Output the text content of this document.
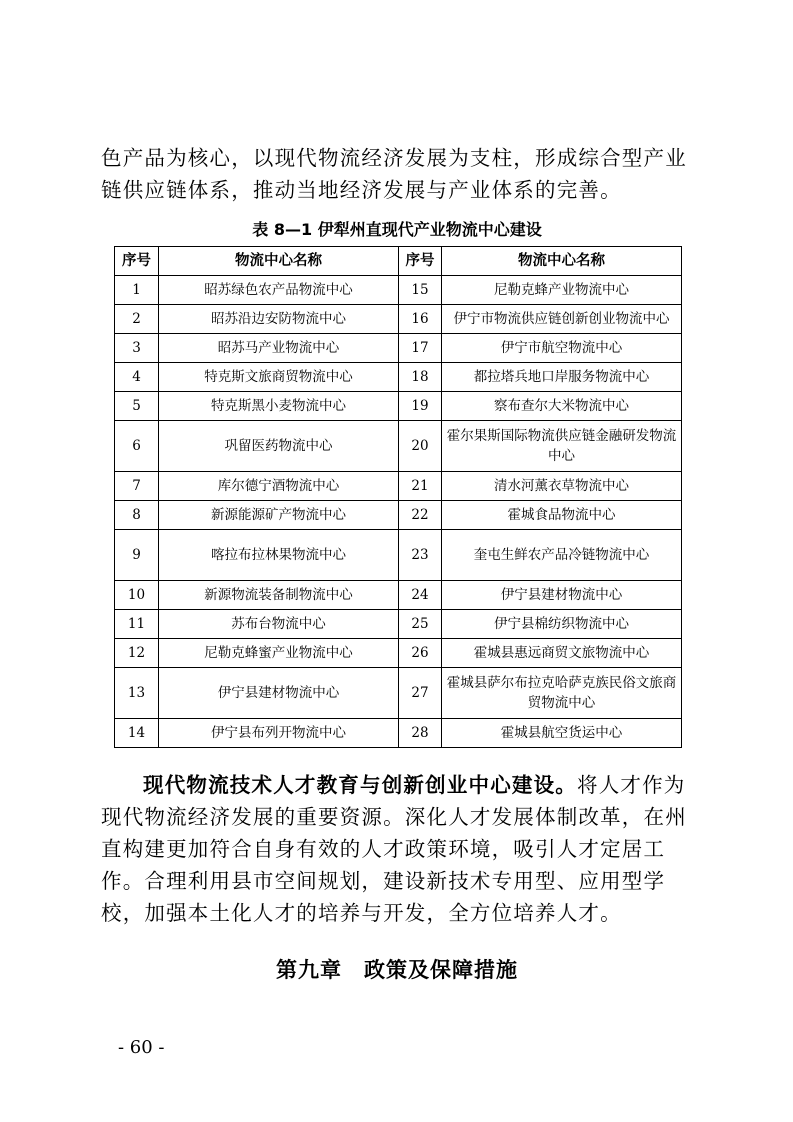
色产品为核心，以现代物流经济发展为支柱，形成综合型产业链供应链体系，推动当地经济发展与产业体系的完善。

表 8—1 伊犁州直现代产业物流中心建设
序号	物流中心名称	序号	物流中心名称
1	昭苏绿色农产品物流中心	15	尼勒克蜂产业物流中心
2	昭苏沿边安防物流中心	16	伊宁市物流供应链创新创业物流中心
3	昭苏马产业物流中心	17	伊宁市航空物流中心
4	特克斯文旅商贸物流中心	18	都拉塔兵地口岸服务物流中心
5	特克斯黑小麦物流中心	19	察布查尔大米物流中心
6	巩留医药物流中心	20	霍尔果斯国际物流供应链金融研发物流中心
7	库尔德宁酒物流中心	21	清水河薰衣草物流中心
8	新源能源矿产物流中心	22	霍城食品物流中心
9	喀拉布拉林果物流中心	23	奎屯生鲜农产品冷链物流中心
10	新源物流装备制物流中心	24	伊宁县建材物流中心
11	苏布台物流中心	25	伊宁县棉纺织物流中心
12	尼勒克蜂蜜产业物流中心	26	霍城县惠远商贸文旅物流中心
13	伊宁县建材物流中心	27	霍城县萨尔布拉克哈萨克族民俗文旅商贸物流中心
14	伊宁县布列开物流中心	28	霍城县航空货运中心

现代物流技术人才教育与创新创业中心建设。将人才作为现代物流经济发展的重要资源。深化人才发展体制改革，在州直构建更加符合自身有效的人才政策环境，吸引人才定居工作。合理利用县市空间规划，建设新技术专用型、应用型学校，加强本土化人才的培养与开发，全方位培养人才。

第九章　政策及保障措施
- 60 -
